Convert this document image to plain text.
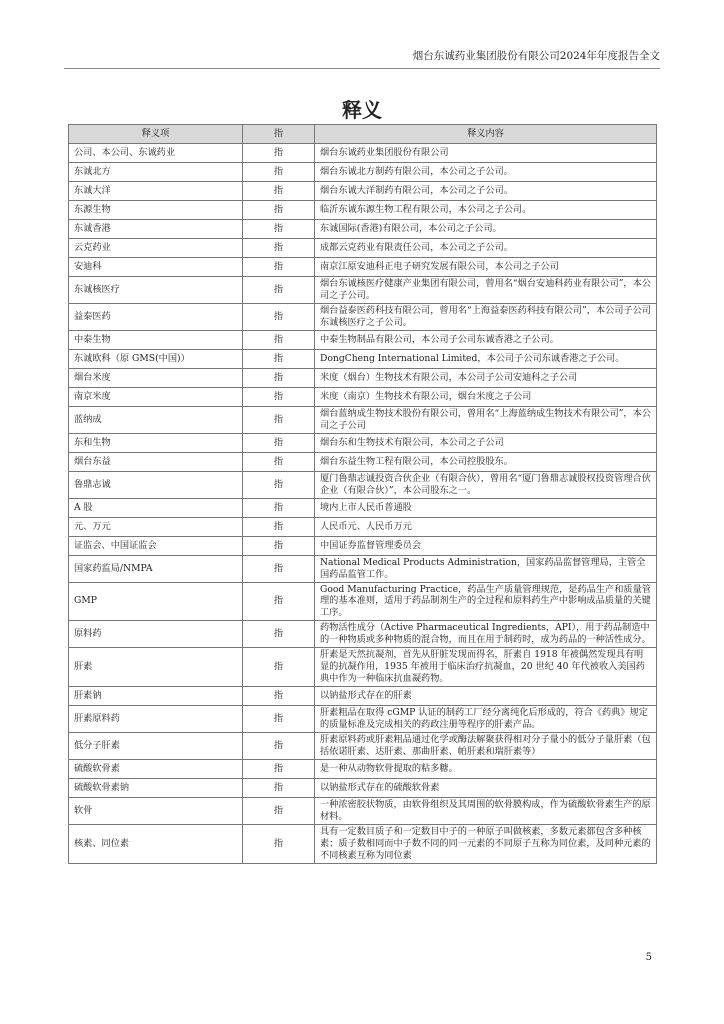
烟台东诚药业集团股份有限公司2024年年度报告全文
释义
释义项	指	释义内容
公司、本公司、东诚药业	指	烟台东诚药业集团股份有限公司
东诚北方	指	烟台东诚北方制药有限公司，本公司之子公司。
东诚大洋	指	烟台东诚大洋制药有限公司，本公司之子公司。
东源生物	指	临沂东诚东源生物工程有限公司，本公司之子公司。
东诚香港	指	东诚国际(香港)有限公司，本公司之子公司。
云克药业	指	成都云克药业有限责任公司，本公司之子公司。
安迪科	指	南京江原安迪科正电子研究发展有限公司，本公司之子公司
东诚核医疗	指	烟台东诚核医疗健康产业集团有限公司，曾用名“烟台安迪科药业有限公司”，本公司之子公司。
益泰医药	指	烟台益泰医药科技有限公司，曾用名“上海益泰医药科技有限公司”，本公司子公司东诚核医疗之子公司。
中泰生物	指	中泰生物制品有限公司，本公司子公司东诚香港之子公司。
东诚欧科（原 GMS(中国)）	指	DongCheng International Limited，本公司子公司东诚香港之子公司。
烟台米度	指	米度（烟台）生物技术有限公司，本公司子公司安迪科之子公司
南京米度	指	米度（南京）生物技术有限公司，烟台米度之子公司
蓝纳成	指	烟台蓝纳成生物技术股份有限公司，曾用名“上海蓝纳成生物技术有限公司”，本公司之子公司
东和生物	指	烟台东和生物技术有限公司，本公司之子公司
烟台东益	指	烟台东益生物工程有限公司，本公司控股股东。
鲁鼎志诚	指	厦门鲁鼎志诚投资合伙企业（有限合伙），曾用名“厦门鲁鼎志诚股权投资管理合伙企业（有限合伙）”，本公司股东之一。
A 股	指	境内上市人民币普通股
元、万元	指	人民币元、人民币万元
证监会、中国证监会	指	中国证券监督管理委员会
国家药监局/NMPA	指	National Medical Products Administration，国家药品监督管理局，主管全国药品监管工作。
GMP	指	Good Manufacturing Practice，药品生产质量管理规范，是药品生产和质量管理的基本准则，适用于药品制剂生产的全过程和原料药生产中影响成品质量的关键工序。
原料药	指	药物活性成分（Active Pharmaceutical Ingredients，API），用于药品制造中的一种物质或多种物质的混合物，而且在用于制药时，成为药品的一种活性成分。
肝素	指	肝素是天然抗凝剂，首先从肝脏发现而得名，肝素自 1918 年被偶然发现具有明显的抗凝作用，1935 年被用于临床治疗抗凝血，20 世纪 40 年代被收入美国药典中作为一种临床抗血凝药物。
肝素钠	指	以钠盐形式存在的肝素
肝素原料药	指	肝素粗品在取得 cGMP 认证的制药工厂经分离纯化后形成的，符合《药典》规定的质量标准及完成相关的药政注册等程序的肝素产品。
低分子肝素	指	肝素原料药或肝素粗品通过化学或酶法解聚获得相对分子量小的低分子量肝素（包括依诺肝素、达肝素、那曲肝素、帕肝素和瑞肝素等）
硫酸软骨素	指	是一种从动物软骨提取的粘多糖。
硫酸软骨素钠	指	以钠盐形式存在的硫酸软骨素
软骨	指	一种浓密胶状物质，由软骨组织及其周围的软骨膜构成，作为硫酸软骨素生产的原材料。
核素、同位素	指	具有一定数目质子和一定数目中子的一种原子叫做核素，多数元素都包含多种核素；质子数相同而中子数不同的同一元素的不同原子互称为同位素，及同种元素的不同核素互称为同位素
5
